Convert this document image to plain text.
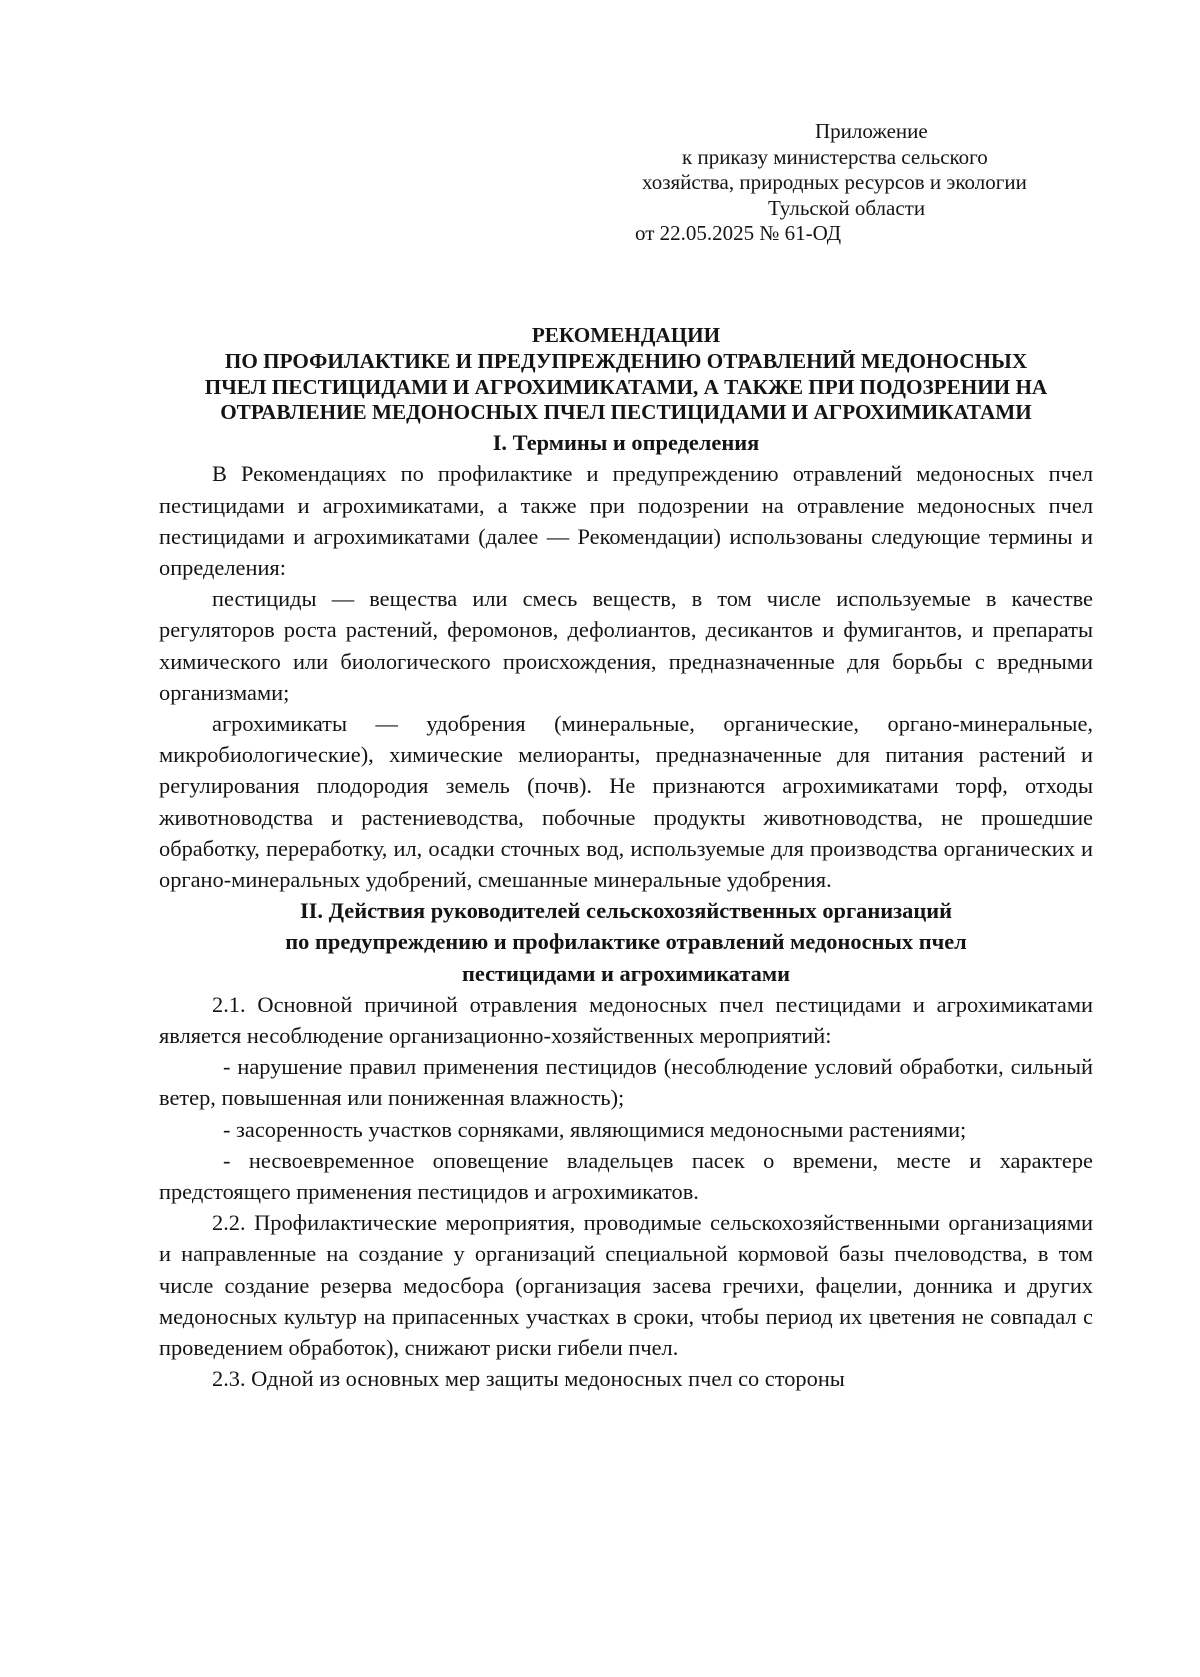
Приложение
к приказу министерства сельского
хозяйства, природных ресурсов и экологии
Тульской области
от 22.05.2025 № 61-ОД
РЕКОМЕНДАЦИИ
ПО ПРОФИЛАКТИКЕ И ПРЕДУПРЕЖДЕНИЮ ОТРАВЛЕНИЙ МЕДОНОСНЫХ
ПЧЕЛ ПЕСТИЦИДАМИ И АГРОХИМИКАТАМИ, А ТАКЖЕ ПРИ ПОДОЗРЕНИИ НА
ОТРАВЛЕНИЕ МЕДОНОСНЫХ ПЧЕЛ ПЕСТИЦИДАМИ И АГРОХИМИКАТАМИ
I. Термины и определения

В Рекомендациях по профилактике и предупреждению отравлений медоносных пчел пестицидами и агрохимикатами, а также при подозрении на отравление медоносных пчел пестицидами и агрохимикатами (далее — Рекомендации) использованы следующие термины и определения:

пестициды — вещества или смесь веществ, в том числе используемые в качестве регуляторов роста растений, феромонов, дефолиантов, десикантов и фумигантов, и препараты химического или биологического происхождения, предназначенные для борьбы с вредными организмами;

агрохимикаты — удобрения (минеральные, органические, органо-минеральные, микробиологические), химические мелиоранты, предназначенные для питания растений и регулирования плодородия земель (почв). Не признаются агрохимикатами торф, отходы животноводства и растениеводства, побочные продукты животноводства, не прошедшие обработку, переработку, ил, осадки сточных вод, используемые для производства органических и органо-минеральных удобрений, смешанные минеральные удобрения.

II. Действия руководителей сельскохозяйственных организаций
по предупреждению и профилактике отравлений медоносных пчел
пестицидами и агрохимикатами

2.1. Основной причиной отравления медоносных пчел пестицидами и агрохимикатами является несоблюдение организационно-хозяйственных мероприятий:

- нарушение правил применения пестицидов (несоблюдение условий обработки, сильный ветер, повышенная или пониженная влажность);

- засоренность участков сорняками, являющимися медоносными растениями;

- несвоевременное оповещение владельцев пасек о времени, месте и характере предстоящего применения пестицидов и агрохимикатов.

2.2. Профилактические мероприятия, проводимые сельскохозяйственными организациями и направленные на создание у организаций специальной кормовой базы пчеловодства, в том числе создание резерва медосбора (организация засева гречихи, фацелии, донника и других медоносных культур на припасенных участках в сроки, чтобы период их цветения не совпадал с проведением обработок), снижают риски гибели пчел.

2.3. Одной из основных мер защиты медоносных пчел со стороны
